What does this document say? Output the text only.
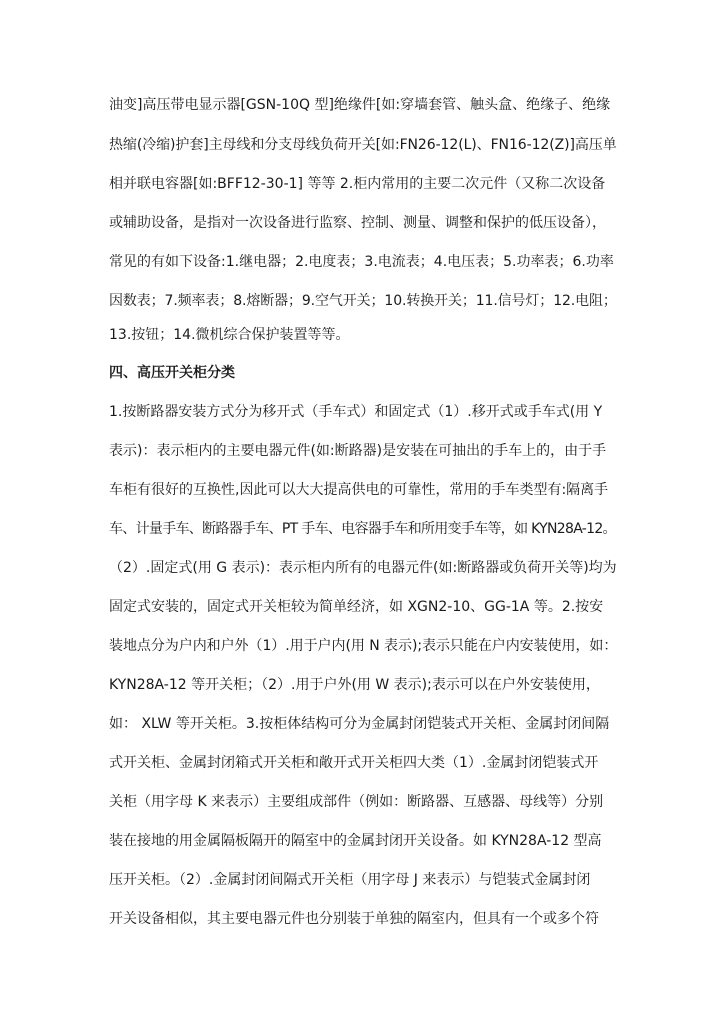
油变]高压带电显示器[GSN-10Q 型]绝缘件[如:穿墙套管、触头盒、绝缘子、绝缘
热缩(冷缩)护套]主母线和分支母线负荷开关[如:FN26-12(L)、FN16-12(Z)]高压单
相并联电容器[如:BFF12-30-1] 等等 2.柜内常用的主要二次元件（又称二次设备
或辅助设备，是指对一次设备进行监察、控制、测量、调整和保护的低压设备），
常见的有如下设备:1.继电器；2.电度表；3.电流表；4.电压表；5.功率表；6.功率
因数表；7.频率表；8.熔断器；9.空气开关；10.转换开关；11.信号灯；12.电阻；
13.按钮；14.微机综合保护装置等等。
四、高压开关柜分类
1.按断路器安装方式分为移开式（手车式）和固定式（1）.移开式或手车式(用 Y
表示)：表示柜内的主要电器元件(如:断路器)是安装在可抽出的手车上的，由于手
车柜有很好的互换性,因此可以大大提高供电的可靠性，常用的手车类型有:隔离手
车、计量手车、断路器手车、PT 手车、电容器手车和所用变手车等，如 KYN28A-12。
（2）.固定式(用 G 表示)：表示柜内所有的电器元件(如:断路器或负荷开关等)均为
固定式安装的，固定式开关柜较为简单经济，如 XGN2-10、GG-1A 等。2.按安
装地点分为户内和户外（1）.用于户内(用 N 表示);表示只能在户内安装使用，如：
KYN28A-12 等开关柜；（2）.用于户外(用 W 表示);表示可以在户外安装使用，
如： XLW 等开关柜。3.按柜体结构可分为金属封闭铠装式开关柜、金属封闭间隔
式开关柜、金属封闭箱式开关柜和敞开式开关柜四大类（1）.金属封闭铠装式开
关柜（用字母 K 来表示）主要组成部件（例如：断路器、互感器、母线等）分别
装在接地的用金属隔板隔开的隔室中的金属封闭开关设备。如 KYN28A-12 型高
压开关柜。（2）.金属封闭间隔式开关柜（用字母 J 来表示）与铠装式金属封闭
开关设备相似，其主要电器元件也分别装于单独的隔室内，但具有一个或多个符
